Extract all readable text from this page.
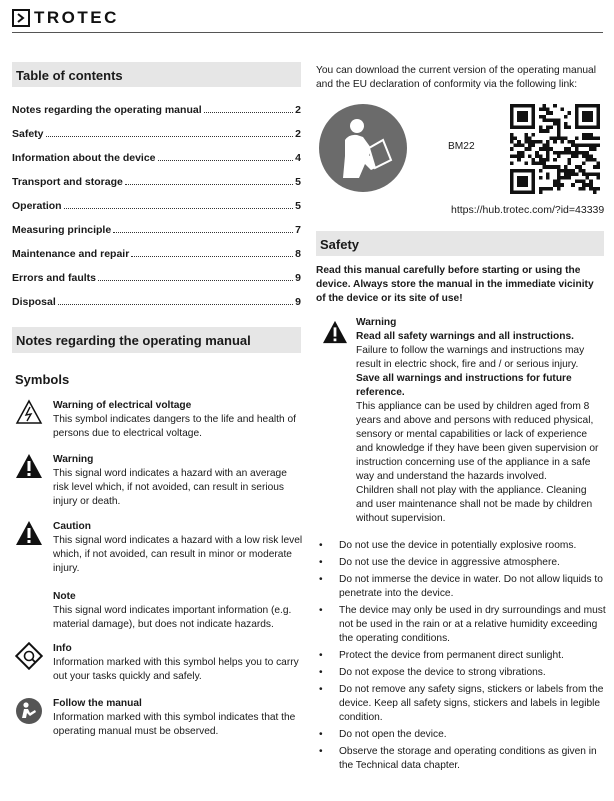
TROTEC
Table of contents
Notes regarding the operating manual	2
Safety	2
Information about the device	4
Transport and storage	5
Operation	5
Measuring principle	7
Maintenance and repair	8
Errors and faults	9
Disposal	9
Notes regarding the operating manual
Symbols
Warning of electrical voltage
This symbol indicates dangers to the life and health of persons due to electrical voltage.
Warning
This signal word indicates a hazard with an average risk level which, if not avoided, can result in serious injury or death.
Caution
This signal word indicates a hazard with a low risk level which, if not avoided, can result in minor or moderate injury.
Note
This signal word indicates important information (e.g. material damage), but does not indicate hazards.
Info
Information marked with this symbol helps you to carry out your tasks quickly and safely.
Follow the manual
Information marked with this symbol indicates that the operating manual must be observed.
You can download the current version of the operating manual and the EU declaration of conformity via the following link:
BM22
https://hub.trotec.com/?id=43339
Safety
Read this manual carefully before starting or using the device. Always store the manual in the immediate vicinity of the device or its site of use!
Warning
Read all safety warnings and all instructions.
Failure to follow the warnings and instructions may result in electric shock, fire and / or serious injury.
Save all warnings and instructions for future reference.
This appliance can be used by children aged from 8 years and above and persons with reduced physical, sensory or mental capabilities or lack of experience and knowledge if they have been given supervision or instruction concerning use of the appliance in a safe way and understand the hazards involved.
Children shall not play with the appliance. Cleaning and user maintenance shall not be made by children without supervision.
• Do not use the device in potentially explosive rooms.
• Do not use the device in aggressive atmosphere.
• Do not immerse the device in water. Do not allow liquids to penetrate into the device.
• The device may only be used in dry surroundings and must not be used in the rain or at a relative humidity exceeding the operating conditions.
• Protect the device from permanent direct sunlight.
• Do not expose the device to strong vibrations.
• Do not remove any safety signs, stickers or labels from the device. Keep all safety signs, stickers and labels in legible condition.
• Do not open the device.
• Observe the storage and operating conditions as given in the Technical data chapter.
